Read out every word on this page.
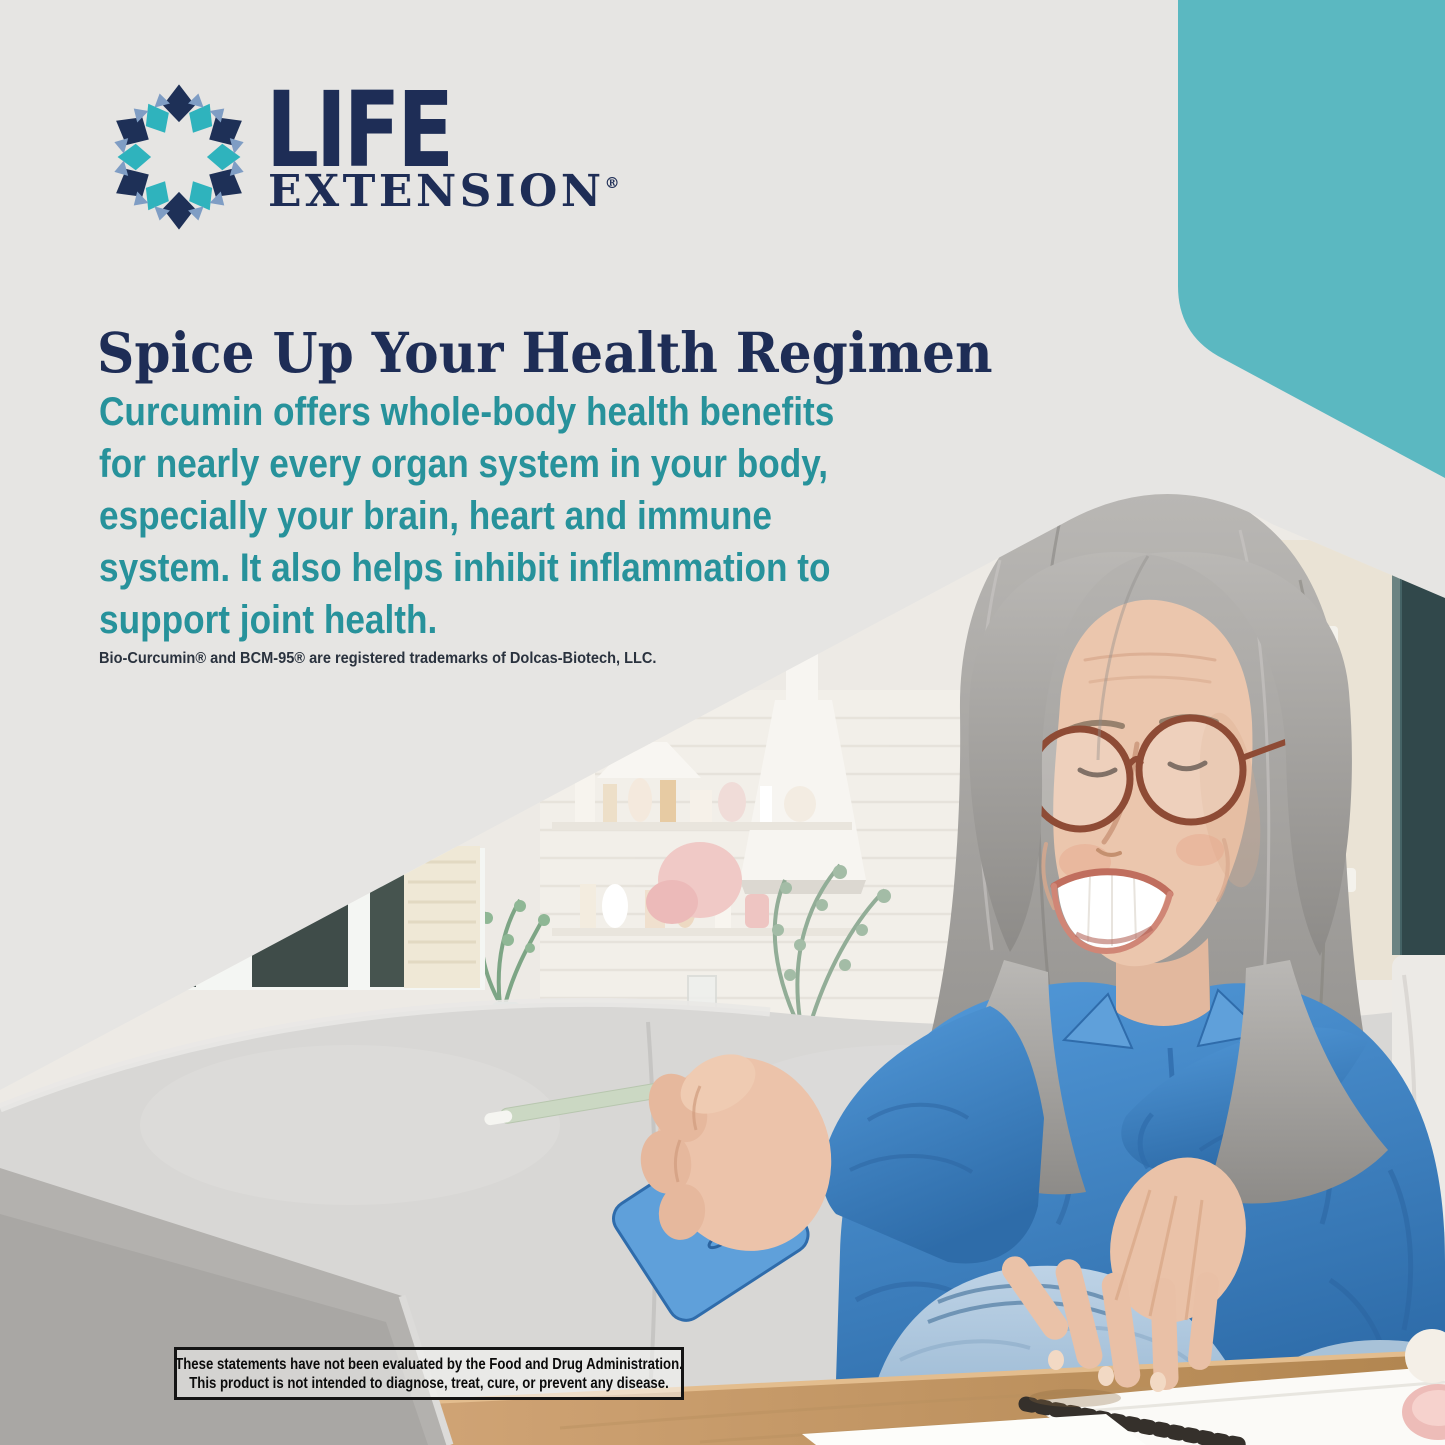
LIFE
EXTENSION®
Spice Up Your Health Regimen
Curcumin offers whole-body health benefits
for nearly every organ system in your body,
especially your brain, heart and immune
system. It also helps inhibit inflammation to
support joint health.
Bio-Curcumin® and BCM-95® are registered trademarks of Dolcas-Biotech, LLC.
These statements have not been evaluated by the Food and Drug Administration.
This product is not intended to diagnose, treat, cure, or prevent any disease.
